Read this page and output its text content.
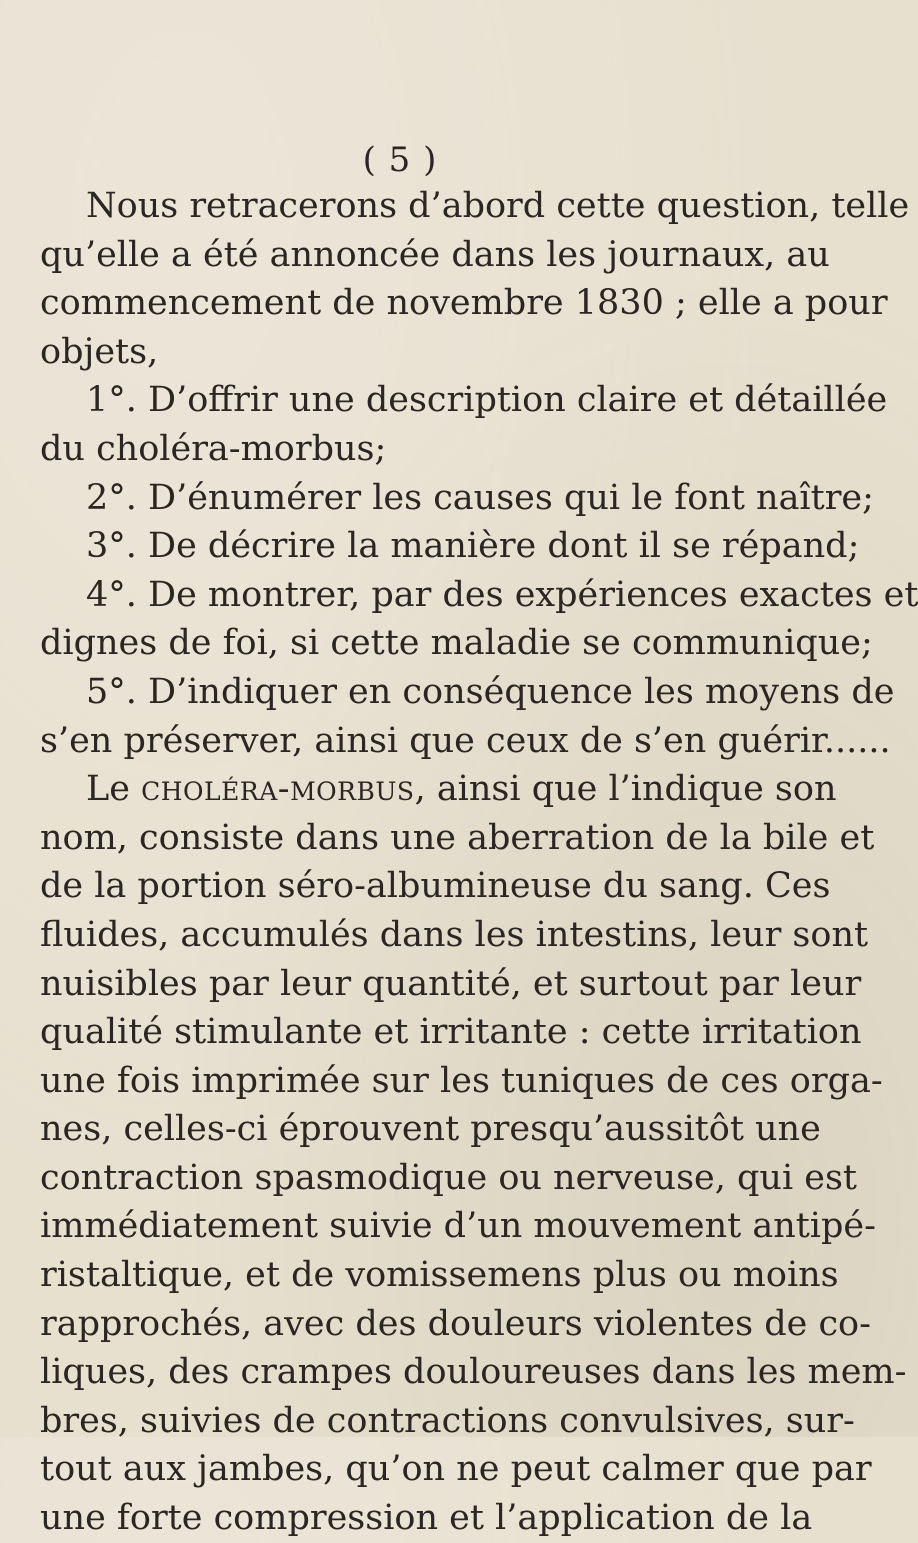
( 5 )
Nous retracerons d’abord cette question, telle
qu’elle a été annoncée dans les journaux, au
commencement de novembre 1830 ; elle a pour
objets,
1°. D’offrir une description claire et détaillée
du choléra-morbus;
2°. D’énumérer les causes qui le font naître;
3°. De décrire la manière dont il se répand;
4°. De montrer, par des expériences exactes et
dignes de foi, si cette maladie se communique;
5°. D’indiquer en conséquence les moyens de
s’en préserver, ainsi que ceux de s’en guérir......
Le choléra-morbus, ainsi que l’indique son
nom, consiste dans une aberration de la bile et
de la portion séro-albumineuse du sang. Ces
fluides, accumulés dans les intestins, leur sont
nuisibles par leur quantité, et surtout par leur
qualité stimulante et irritante : cette irritation
une fois imprimée sur les tuniques de ces orga-
nes, celles-ci éprouvent presqu’aussitôt une
contraction spasmodique ou nerveuse, qui est
immédiatement suivie d’un mouvement antipé-
ristaltique, et de vomissemens plus ou moins
rapprochés, avec des douleurs violentes de co-
liques, des crampes douloureuses dans les mem-
bres, suivies de contractions convulsives, sur-
tout aux jambes, qu’on ne peut calmer que par
une forte compression et l’application de la
